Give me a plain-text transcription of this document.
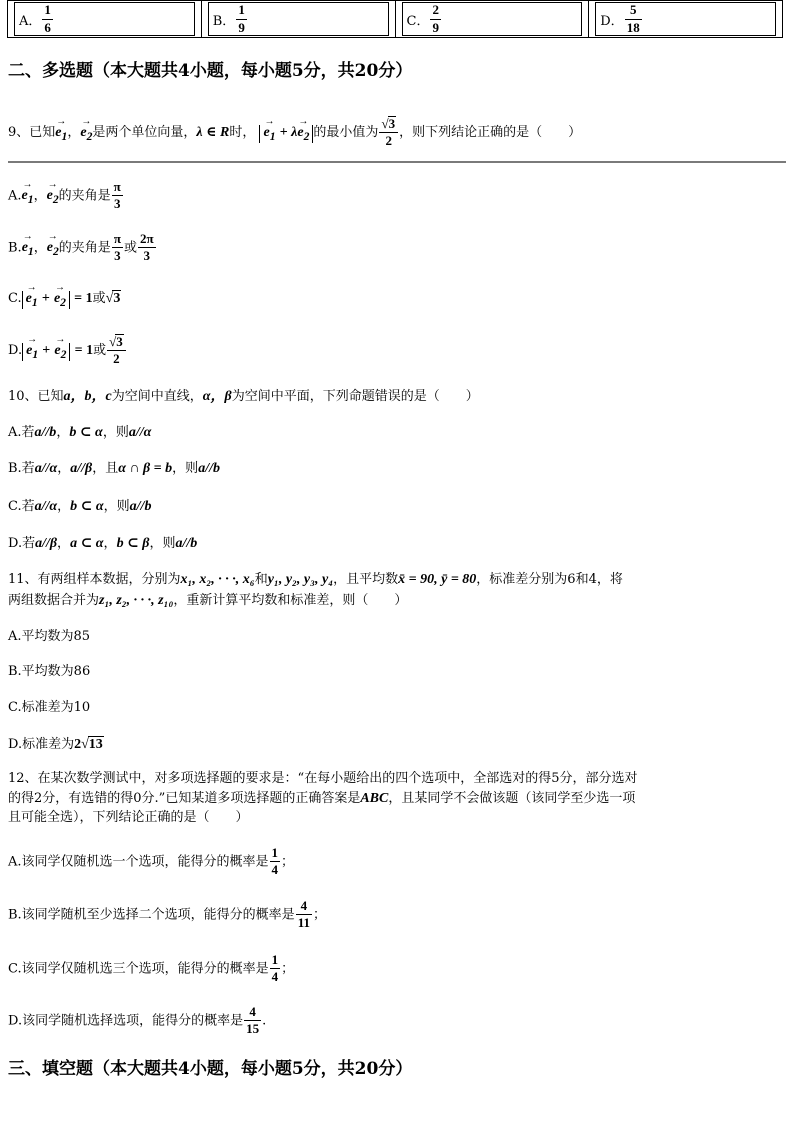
A． $\frac{1}{6}$	B． $\frac{1}{9}$	C． $\frac{2}{9}$	D． $\frac{5}{18}$
二、多选题（本大题共4小题，每小题5分，共20分）
9、已知→ $e_1$，→ $e_2$是两个单位向量，λ ∈ R时， → $e_1 + \lambda\to e_2$ 的最小值为 $\frac{√3}{2}$ ，则下列结论正确的是（　　）
$A.\to e_1$，→ $e_2$的夹角是 $\frac{\pi}{3}$
$B.\to e_1$，→ $e_2$的夹角是 $\frac{\pi}{3}$ 或 $\frac{2\pi}{3}$
$C.\to e_1$ + → $e_2 = 1$或√3
$D.\to e_1$ + → $e_2 = 1$或 $\frac{√3}{2}$
10、已知a，b，c为空间中直线，α，β为空间中平面，下列命题错误的是（　　）
A.若a//b，b ⊂ α，则a//α
B.若a//α，a//β，且α ∩ β = b，则a//b
C.若a//α，b ⊂ α，则a//b
D.若a//β，a ⊂ α，b ⊂ β，则a//b
11、有两组样本数据，分别为x₁, x₂, · · ·, x₆和y₁, y₂, y₃, y₄，且平均数x̄ = 90, ȳ = 80，标准差分别为6和4，将
两组数据合并为z₁, z₂, · · ·, z₁₀，重新计算平均数和标准差，则（　　）
A.平均数为85
B.平均数为86
C.标准差为10
D.标准差为2√13
12、在某次数学测试中，对多项选择题的要求是：“在每小题给出的四个选项中，全部选对的得5分，部分选对
的得2分，有选错的得0分.”已知某道多项选择题的正确答案是ABC，且某同学不会做该题（该同学至少选一项
且可能全选），下列结论正确的是（　　）
A.该同学仅随机选一个选项，能得分的概率是 $\frac{1}{4}$ ；
B.该同学随机至少选择二个选项，能得分的概率是 $\frac{4}{11}$ ；
C.该同学仅随机选三个选项，能得分的概率是 $\frac{1}{4}$ ；
D.该同学随机选择选项，能得分的概率是 $\frac{4}{15}$ .
三、填空题（本大题共4小题，每小题5分，共20分）
